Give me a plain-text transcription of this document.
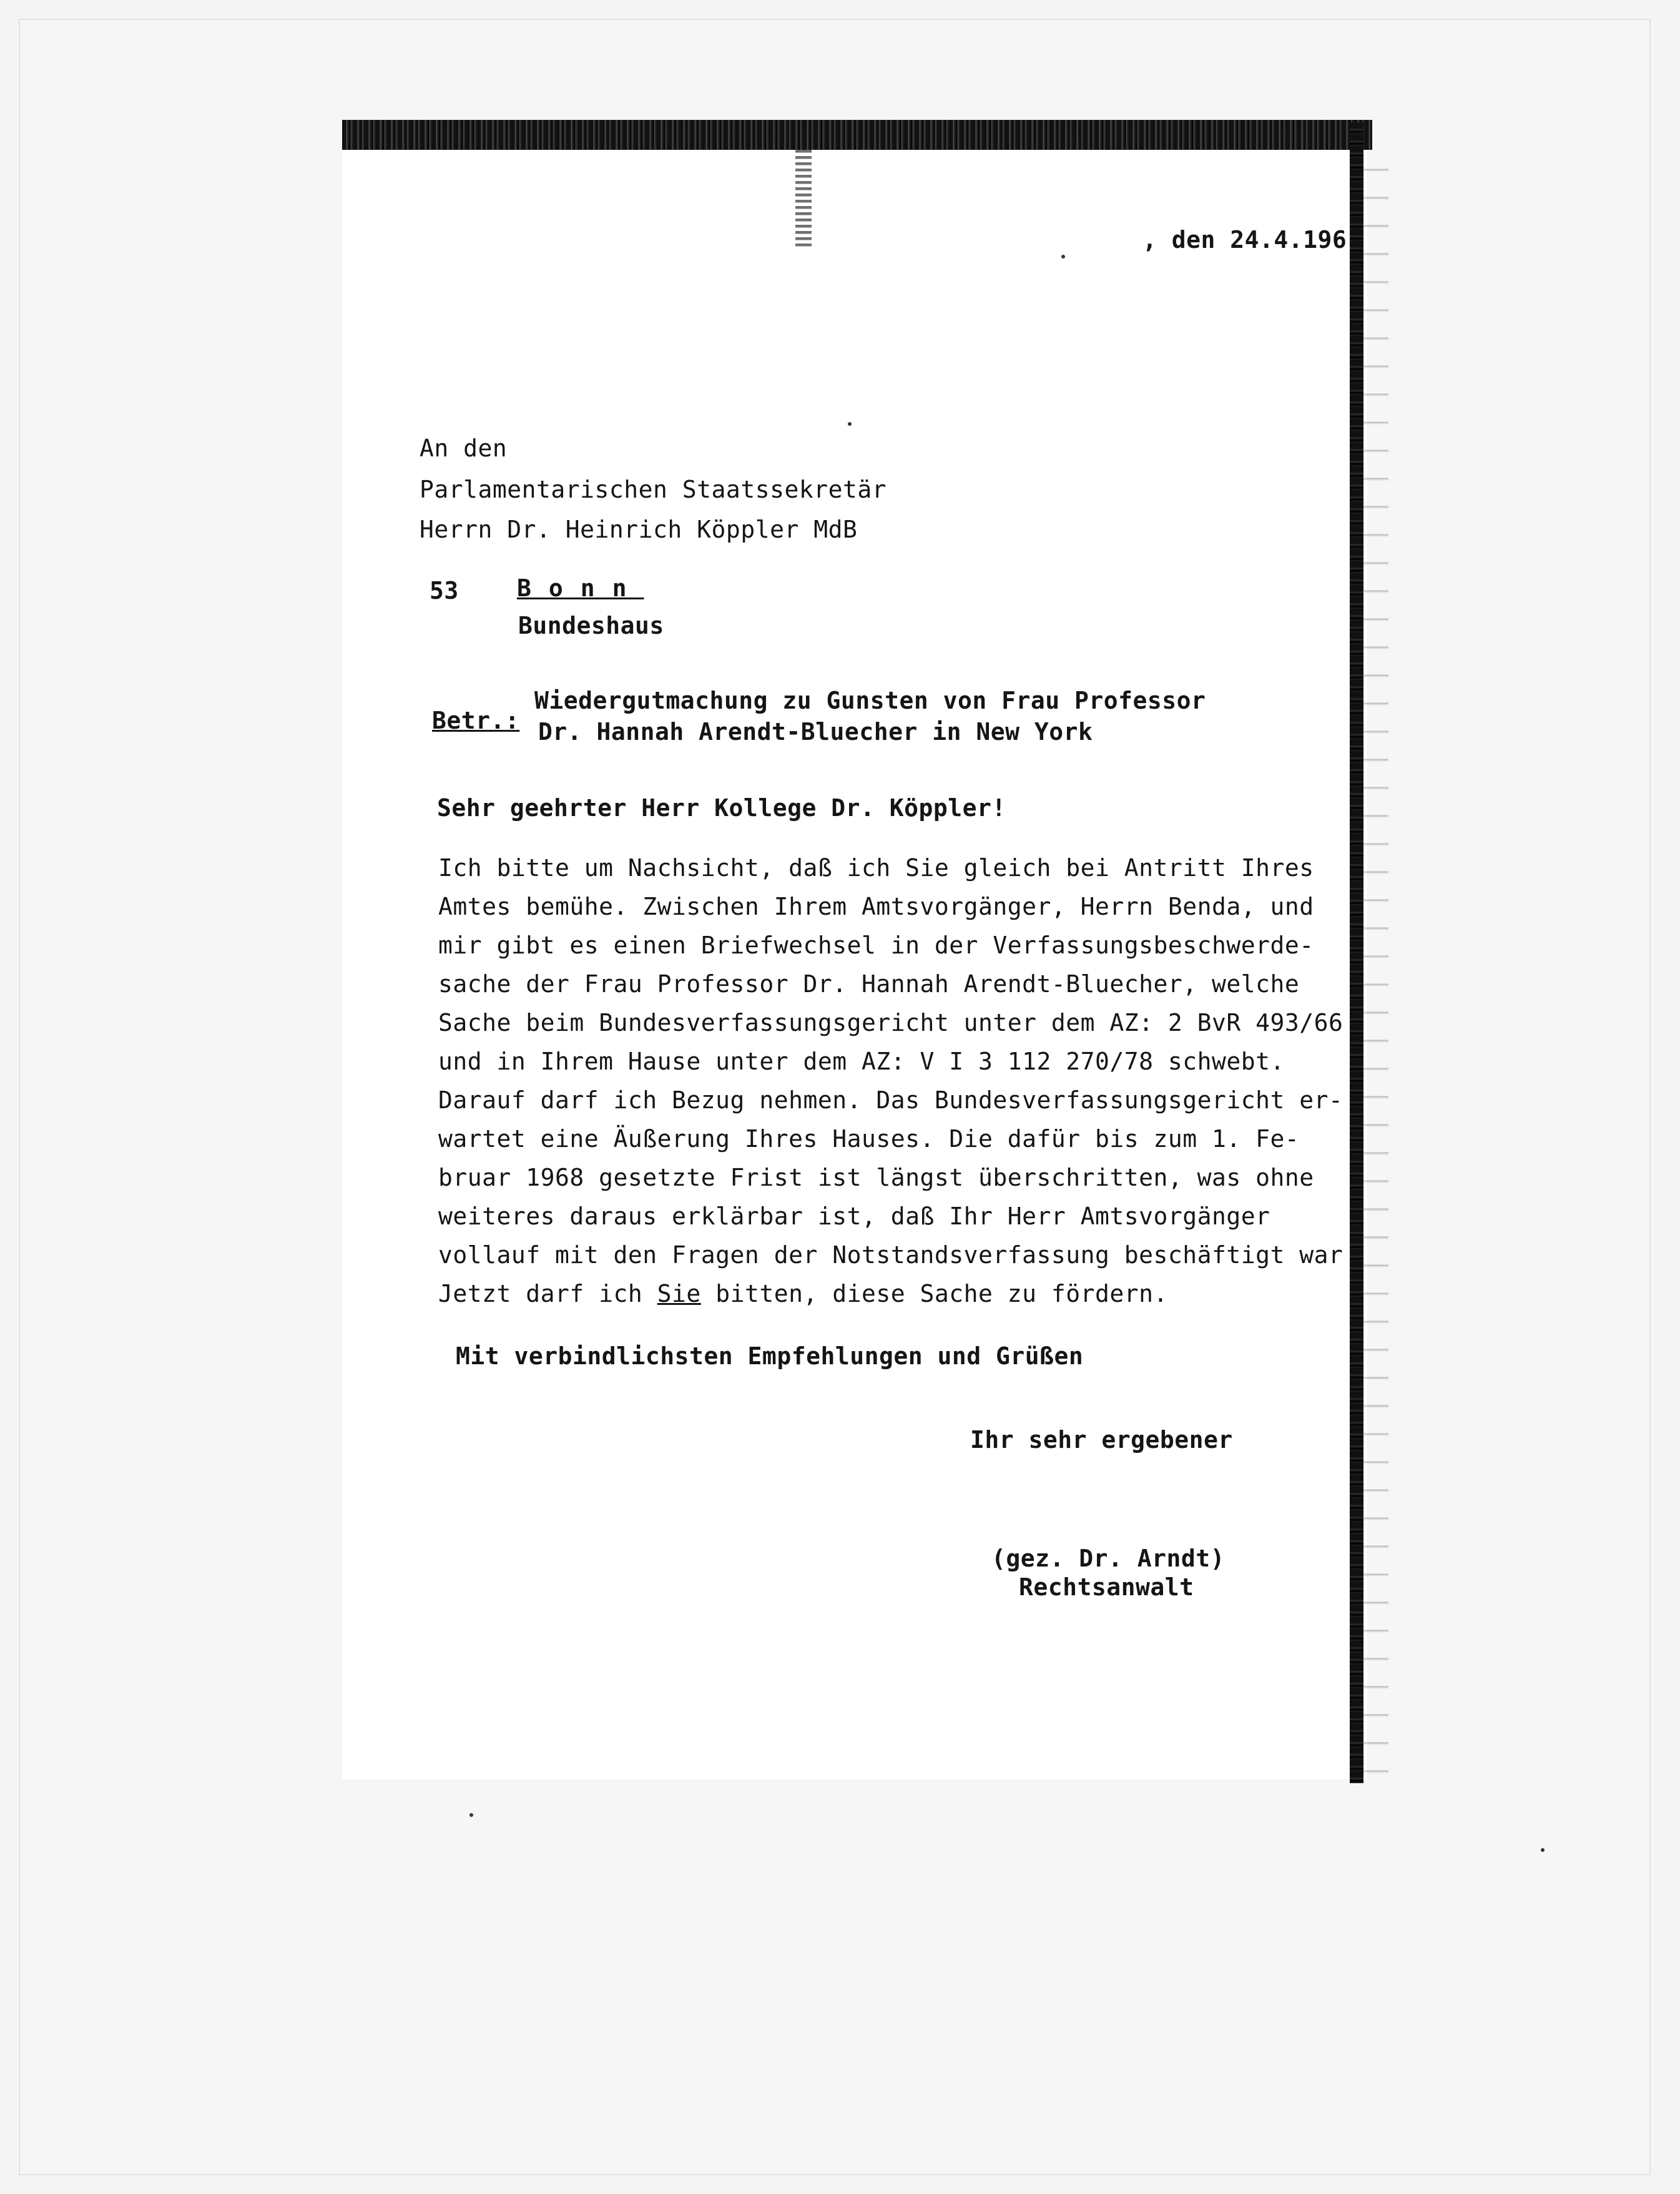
, den 24.4.196
An den
Parlamentarischen Staatssekretär
Herrn Dr. Heinrich Köppler MdB
53 Bonn
Bundeshaus
Betr.:
Wiedergutmachung zu Gunsten von Frau Professor
Dr. Hannah Arendt-Bluecher in New York
Sehr geehrter Herr Kollege Dr. Köppler!
Ich bitte um Nachsicht, daß ich Sie gleich bei Antritt Ihres
Amtes bemühe. Zwischen Ihrem Amtsvorgänger, Herrn Benda, und
mir gibt es einen Briefwechsel in der Verfassungsbeschwerde-
sache der Frau Professor Dr. Hannah Arendt-Bluecher, welche
Sache beim Bundesverfassungsgericht unter dem AZ: 2 BvR 493/66
und in Ihrem Hause unter dem AZ: V I 3 112 270/78 schwebt.
Darauf darf ich Bezug nehmen. Das Bundesverfassungsgericht er-
wartet eine Äußerung Ihres Hauses. Die dafür bis zum 1. Fe-
bruar 1968 gesetzte Frist ist längst überschritten, was ohne
weiteres daraus erklärbar ist, daß Ihr Herr Amtsvorgänger
vollauf mit den Fragen der Notstandsverfassung beschäftigt war
Jetzt darf ich Sie bitten, diese Sache zu fördern.
Mit verbindlichsten Empfehlungen und Grüßen
Ihr sehr ergebener
(gez. Dr. Arndt)
Rechtsanwalt
